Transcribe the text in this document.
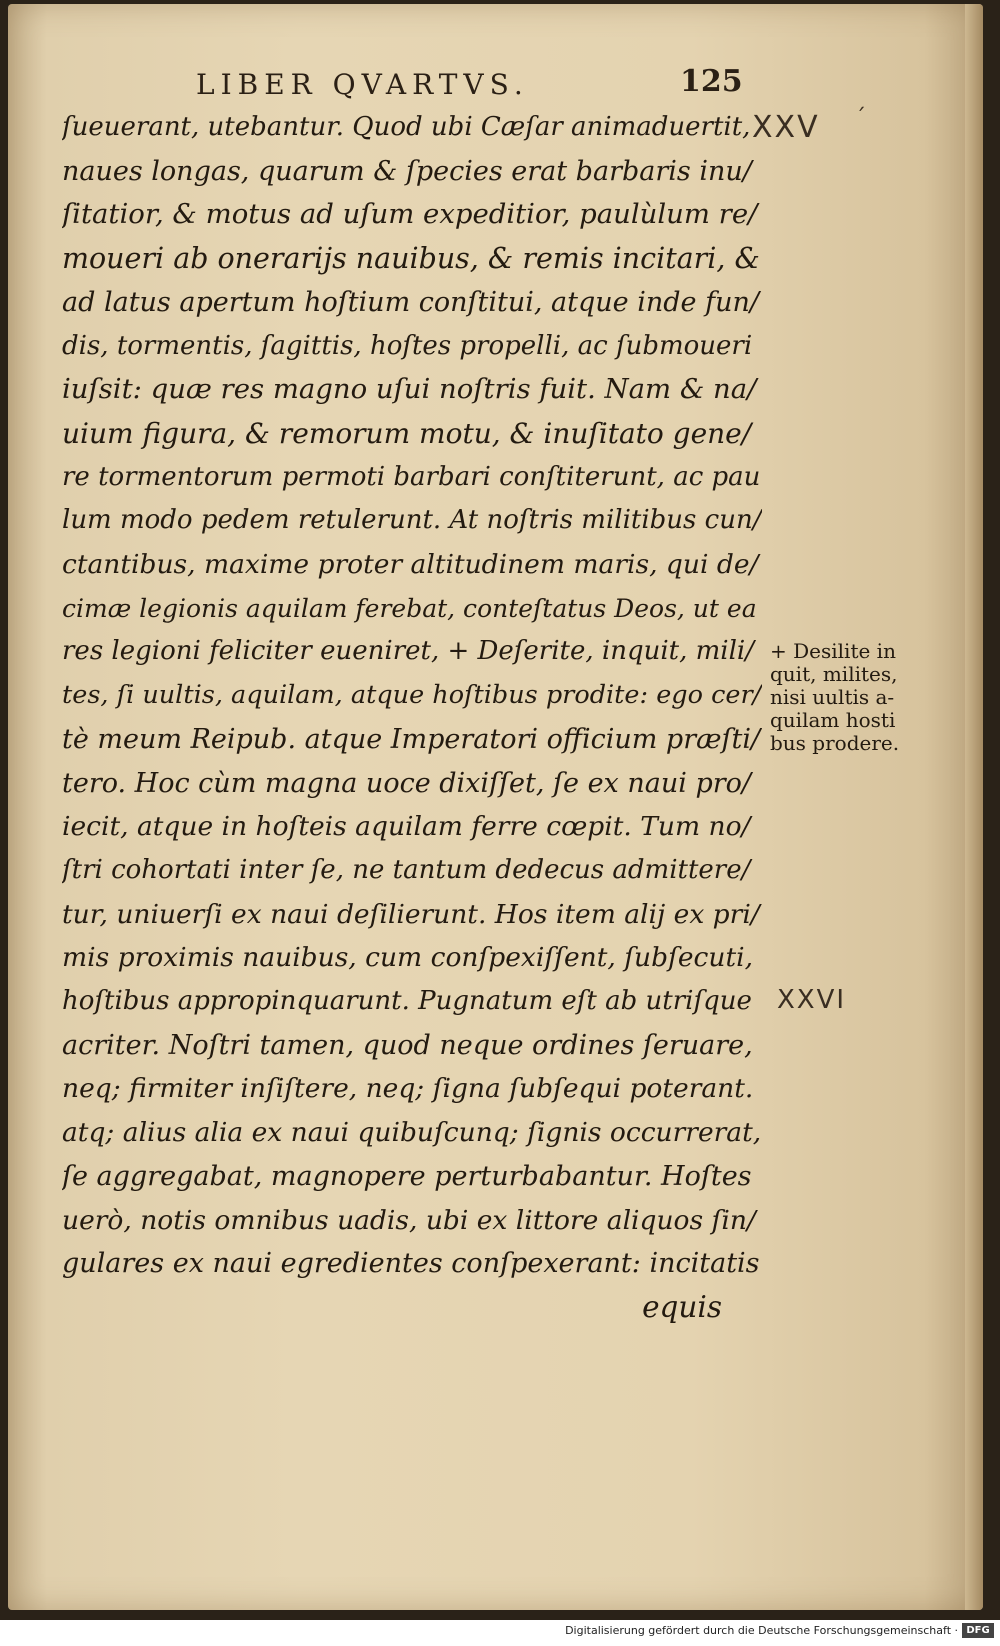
LIBER QVARTVS.	125
XXV ´
ſueuerant, utebantur. Quod ubi Cæſar animaduertit,
naues longas, quarum & ſpecies erat barbaris inu/
ſitatior, & motus ad uſum expeditior, paulùlum re/
moueri ab onerarijs nauibus, & remis incitari, &
ad latus apertum hoſtium conſtitui, atque inde fun/
dis, tormentis, ſagittis, hoſtes propelli, ac ſubmoueri
iuſsit: quæ res magno uſui noſtris fuit. Nam & na/
uium figura, & remorum motu, & inuſitato gene/
re tormentorum permoti barbari conſtiterunt, ac pau
lum modo pedem retulerunt. At noſtris militibus cun/
ctantibus, maxime proter altitudinem maris, qui de/
cimæ legionis aquilam ferebat, conteſtatus Deos, ut ea
res legioni feliciter eueniret, + Deſerite, inquit, mili/
tes, ſi uultis, aquilam, atque hoſtibus prodite: ego cer/
tè meum Reipub. atque Imperatori officium præſti/
tero. Hoc cùm magna uoce dixiſſet, ſe ex naui pro/
iecit, atque in hoſteis aquilam ferre cœpit. Tum no/
ſtri cohortati inter ſe, ne tantum dedecus admittere/
tur, uniuerſi ex naui deſilierunt. Hos item alij ex pri/
mis proximis nauibus, cum conſpexiſſent, ſubſecuti,
hoſtibus appropinquarunt. Pugnatum eſt ab utriſque
acriter. Noſtri tamen, quod neque ordines ſeruare,
neq; firmiter inſiſtere, neq; ſigna ſubſequi poterant.
atq; alius alia ex naui quibuſcunq; ſignis occurrerat,
ſe aggregabat, magnopere perturbabantur. Hoſtes
uerò, notis omnibus uadis, ubi ex littore aliquos ſin/
gulares ex naui egredientes conſpexerant: incitatis
equis
+ Desilite in
quit, milites,
nisi uultis a-
quilam hosti
bus prodere.
XXVI
Digitalisierung gefördert durch die Deutsche Forschungsgemeinschaft · DFG
